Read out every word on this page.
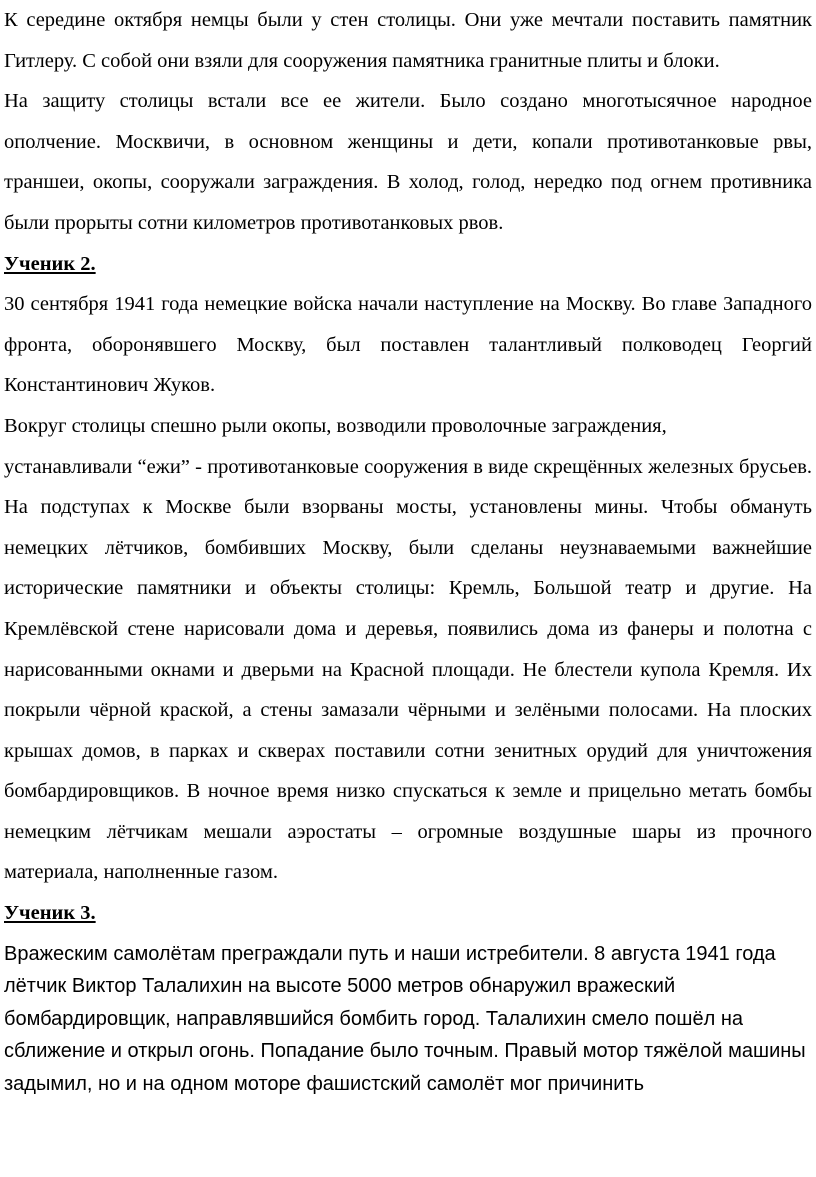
К середине октября немцы были у стен столицы. Они уже мечтали поставить памятник Гитлеру. С собой они взяли для сооружения памятника гранитные плиты и блоки.

На защиту столицы встали все ее жители. Было создано многотысячное народное ополчение. Москвичи, в основном женщины и дети, копали противотанковые рвы, траншеи, окопы, сооружали заграждения. В холод, голод, нередко под огнем противника были прорыты сотни километров противотанковых рвов.

Ученик 2.

30 сентября 1941 года немецкие войска начали наступление на Москву. Во главе Западного фронта, оборонявшего Москву, был поставлен талантливый полководец Георгий Константинович Жуков.

Вокруг столицы спешно рыли окопы, возводили проволочные заграждения,

устанавливали “ежи” - противотанковые сооружения в виде скрещённых железных брусьев. На подступах к Москве были взорваны мосты, установлены мины. Чтобы обмануть немецких лётчиков, бомбивших Москву, были сделаны неузнаваемыми важнейшие исторические памятники и объекты столицы: Кремль, Большой театр и другие. На Кремлёвской стене нарисовали дома и деревья, появились дома из фанеры и полотна с нарисованными окнами и дверьми на Красной площади. Не блестели купола Кремля. Их покрыли чёрной краской, а стены замазали чёрными и зелёными полосами. На плоских крышах домов, в парках и скверах поставили сотни зенитных орудий для уничтожения бомбардировщиков. В ночное время низко спускаться к земле и прицельно метать бомбы немецким лётчикам мешали аэростаты – огромные воздушные шары из прочного материала, наполненные газом.

Ученик 3.

Вражеским самолётам преграждали путь и наши истребители. 8 августа 1941 года лётчик Виктор Талалихин на высоте 5000 метров обнаружил вражеский бомбардировщик, направлявшийся бомбить город. Талалихин смело пошёл на сближение и открыл огонь. Попадание было точным. Правый мотор тяжёлой машины задымил, но и на одном моторе фашистский самолёт мог причинить
